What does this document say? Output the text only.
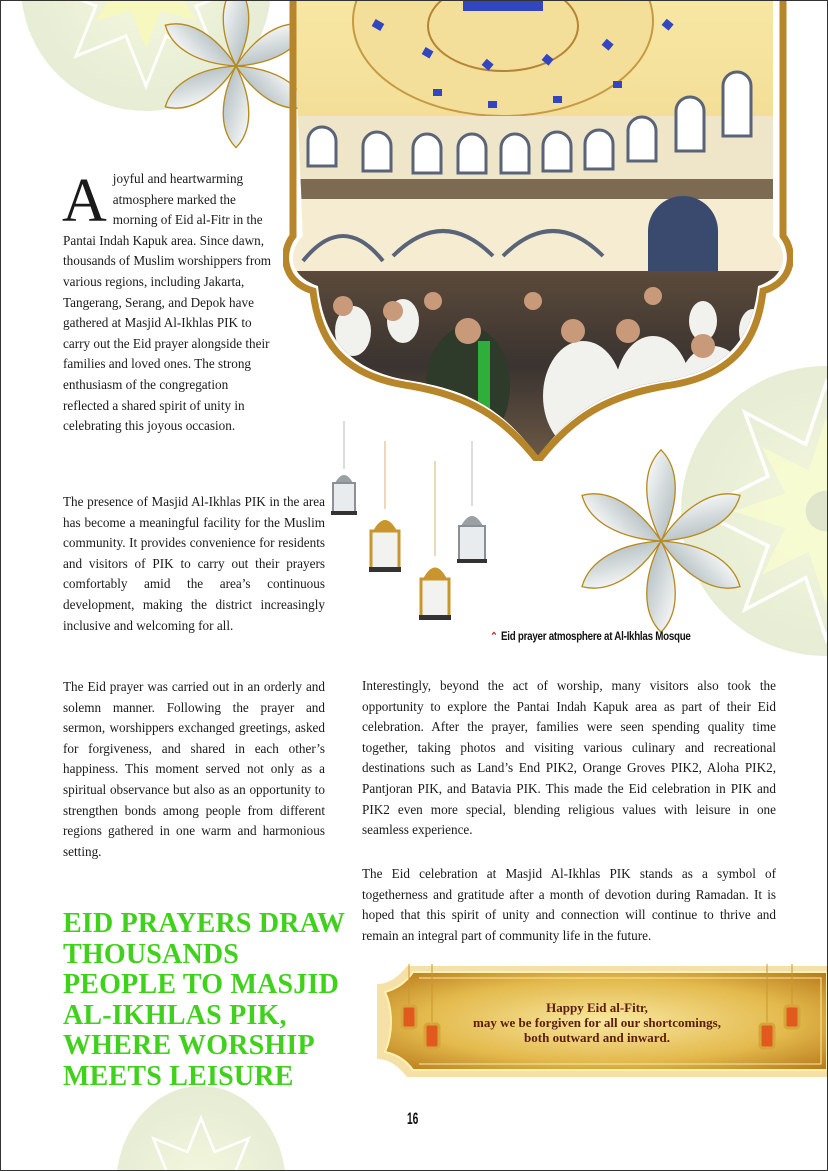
⌃ Eid prayer atmosphere at Al-Ikhlas Mosque
Ajoyful and heartwarming atmosphere marked the morning of Eid al-Fitr in the Pantai Indah Kapuk area. Since dawn, thousands of Muslim worshippers from various regions, including Jakarta, Tangerang, Serang, and Depok have gathered at Masjid Al-Ikhlas PIK to carry out the Eid prayer alongside their families and loved ones. The strong enthusiasm of the congregation reflected a shared spirit of unity in celebrating this joyous occasion.
The presence of Masjid Al-Ikhlas PIK in the area has become a meaningful facility for the Muslim community. It provides convenience for residents and visitors of PIK to carry out their prayers comfortably amid the area’s continuous development, making the district increasingly inclusive and welcoming for all.
The Eid prayer was carried out in an orderly and solemn manner. Following the prayer and sermon, worshippers exchanged greetings, asked for forgiveness, and shared in each other’s happiness. This moment served not only as a spiritual observance but also as an opportunity to strengthen bonds among people from different regions gathered in one warm and harmonious setting.
Interestingly, beyond the act of worship, many visitors also took the opportunity to explore the Pantai Indah Kapuk area as part of their Eid celebration. After the prayer, families were seen spending quality time together, taking photos and visiting various culinary and recreational destinations such as Land’s End PIK2, Orange Groves PIK2, Aloha PIK2, Pantjoran PIK, and Batavia PIK. This made the Eid celebration in PIK and PIK2 even more special, blending religious values with leisure in one seamless experience.
The Eid celebration at Masjid Al-Ikhlas PIK stands as a symbol of togetherness and gratitude after a month of devotion during Ramadan. It is hoped that this spirit of unity and connection will continue to thrive and remain an integral part of community life in the future.
EID PRAYERS DRAW THOUSANDS PEOPLE TO MASJID AL-IKHLAS PIK, WHERE WORSHIP MEETS LEISURE
Happy Eid al-Fitr,
may we be forgiven for all our shortcomings,
both outward and inward.
16
